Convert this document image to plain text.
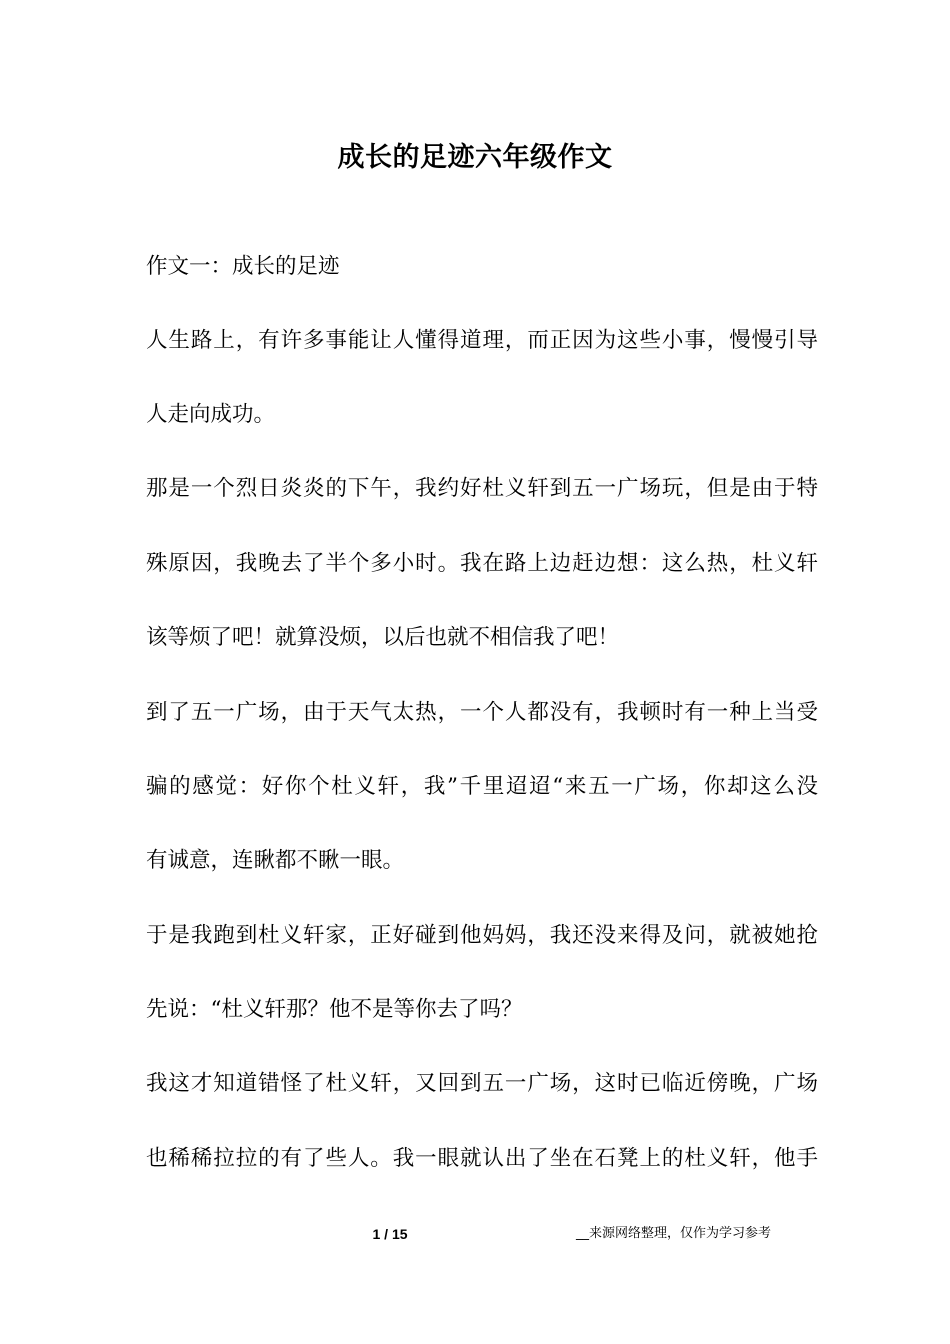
成长的足迹六年级作文
作文一：成长的足迹
人生路上，有许多事能让人懂得道理，而正因为这些小事，慢慢引导
人走向成功。
那是一个烈日炎炎的下午，我约好杜义轩到五一广场玩，但是由于特
殊原因，我晚去了半个多小时。我在路上边赶边想：这么热，杜义轩
该等烦了吧！就算没烦，以后也就不相信我了吧！
到了五一广场，由于天气太热，一个人都没有，我顿时有一种上当受
骗的感觉：好你个杜义轩，我”千里迢迢“来五一广场，你却这么没
有诚意，连瞅都不瞅一眼。
于是我跑到杜义轩家，正好碰到他妈妈，我还没来得及问，就被她抢
先说：“杜义轩那？他不是等你去了吗？
我这才知道错怪了杜义轩，又回到五一广场，这时已临近傍晚，广场
也稀稀拉拉的有了些人。我一眼就认出了坐在石凳上的杜义轩，他手
1 / 15	__来源网络整理，仅作为学习参考
